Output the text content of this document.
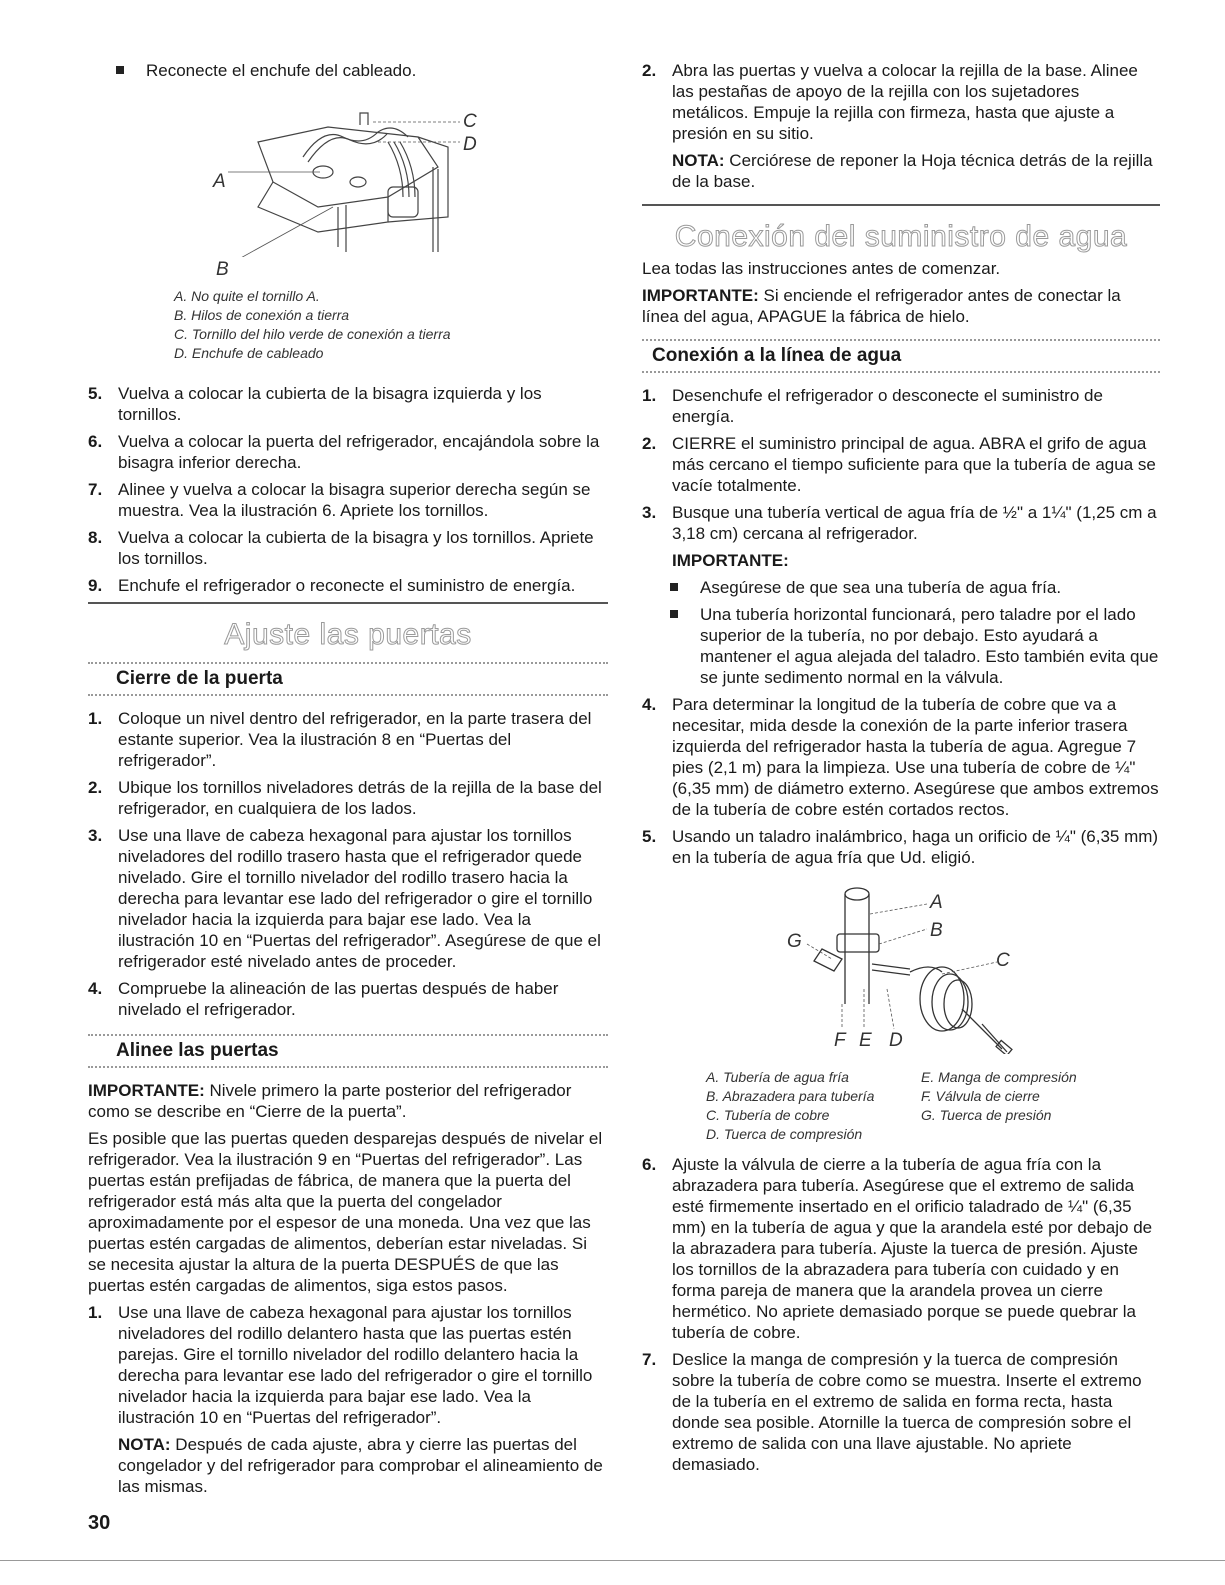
Reconecte el enchufe del cableado.
A
B
C
D
A. No quite el tornillo A.
B. Hilos de conexión a tierra
C. Tornillo del hilo verde de conexión a tierra
D. Enchufe de cableado
5. Vuelva a colocar la cubierta de la bisagra izquierda y los tornillos.
6. Vuelva a colocar la puerta del refrigerador, encajándola sobre la bisagra inferior derecha.
7. Alinee y vuelva a colocar la bisagra superior derecha según se muestra. Vea la ilustración 6. Apriete los tornillos.
8. Vuelva a colocar la cubierta de la bisagra y los tornillos. Apriete los tornillos.
9. Enchufe el refrigerador o reconecte el suministro de energía.
Ajuste las puertas
Cierre de la puerta
1. Coloque un nivel dentro del refrigerador, en la parte trasera del estante superior. Vea la ilustración 8 en “Puertas del refrigerador”.
2. Ubique los tornillos niveladores detrás de la rejilla de la base del refrigerador, en cualquiera de los lados.
3. Use una llave de cabeza hexagonal para ajustar los tornillos niveladores del rodillo trasero hasta que el refrigerador quede nivelado. Gire el tornillo nivelador del rodillo trasero hacia la derecha para levantar ese lado del refrigerador o gire el tornillo nivelador hacia la izquierda para bajar ese lado. Vea la ilustración 10 en “Puertas del refrigerador”. Asegúrese de que el refrigerador esté nivelado antes de proceder.
4. Compruebe la alineación de las puertas después de haber nivelado el refrigerador.
Alinee las puertas

IMPORTANTE: Nivele primero la parte posterior del refrigerador como se describe en “Cierre de la puerta”.

Es posible que las puertas queden desparejas después de nivelar el refrigerador. Vea la ilustración 9 en “Puertas del refrigerador”. Las puertas están prefijadas de fábrica, de manera que la puerta del refrigerador está más alta que la puerta del congelador aproximadamente por el espesor de una moneda. Una vez que las puertas estén cargadas de alimentos, deberían estar niveladas. Si se necesita ajustar la altura de la puerta DESPUÉS de que las puertas estén cargadas de alimentos, siga estos pasos.

1. Use una llave de cabeza hexagonal para ajustar los tornillos niveladores del rodillo delantero hasta que las puertas estén parejas. Gire el tornillo nivelador del rodillo delantero hacia la derecha para levantar ese lado del refrigerador o gire el tornillo nivelador hacia la izquierda para bajar ese lado. Vea la ilustración 10 en “Puertas del refrigerador”.

NOTA: Después de cada ajuste, abra y cierre las puertas del congelador y del refrigerador para comprobar el alineamiento de las mismas.

2. Abra las puertas y vuelva a colocar la rejilla de la base. Alinee las pestañas de apoyo de la rejilla con los sujetadores metálicos. Empuje la rejilla con firmeza, hasta que ajuste a presión en su sitio.

NOTA: Cerciórese de reponer la Hoja técnica detrás de la rejilla de la base.

Conexión del suministro de agua

Lea todas las instrucciones antes de comenzar.

IMPORTANTE: Si enciende el refrigerador antes de conectar la línea del agua, APAGUE la fábrica de hielo.

Conexión a la línea de agua
1. Desenchufe el refrigerador o desconecte el suministro de energía.
2. CIERRE el suministro principal de agua. ABRA el grifo de agua más cercano el tiempo suficiente para que la tubería de agua se vacíe totalmente.
3. Busque una tubería vertical de agua fría de ½" a 1¼" (1,25 cm a 3,18 cm) cercana al refrigerador.
IMPORTANTE:
Asegúrese de que sea una tubería de agua fría.
Una tubería horizontal funcionará, pero taladre por el lado superior de la tubería, no por debajo. Esto ayudará a mantener el agua alejada del taladro. Esto también evita que se junte sedimento normal en la válvula.
4. Para determinar la longitud de la tubería de cobre que va a necesitar, mida desde la conexión de la parte inferior trasera izquierda del refrigerador hasta la tubería de agua. Agregue 7 pies (2,1 m) para la limpieza. Use una tubería de cobre de ¼" (6,35 mm) de diámetro externo. Asegúrese que ambos extremos de la tubería de cobre estén cortados rectos.
5. Usando un taladro inalámbrico, haga un orificio de ¼" (6,35 mm) en la tubería de agua fría que Ud. eligió.
A
B
C
G
F E D
A. Tubería de agua fría	E. Manga de compresión
B. Abrazadera para tubería	F. Válvula de cierre
C. Tubería de cobre	G. Tuerca de presión
D. Tuerca de compresión
6. Ajuste la válvula de cierre a la tubería de agua fría con la abrazadera para tubería. Asegúrese que el extremo de salida esté firmemente insertado en el orificio taladrado de ¼" (6,35 mm) en la tubería de agua y que la arandela esté por debajo de la abrazadera para tubería. Ajuste la tuerca de presión. Ajuste los tornillos de la abrazadera para tubería con cuidado y en forma pareja de manera que la arandela provea un cierre hermético. No apriete demasiado porque se puede quebrar la tubería de cobre.
7. Deslice la manga de compresión y la tuerca de compresión sobre la tubería de cobre como se muestra. Inserte el extremo de la tubería en el extremo de salida en forma recta, hasta donde sea posible. Atornille la tuerca de compresión sobre el extremo de salida con una llave ajustable. No apriete demasiado.
30
